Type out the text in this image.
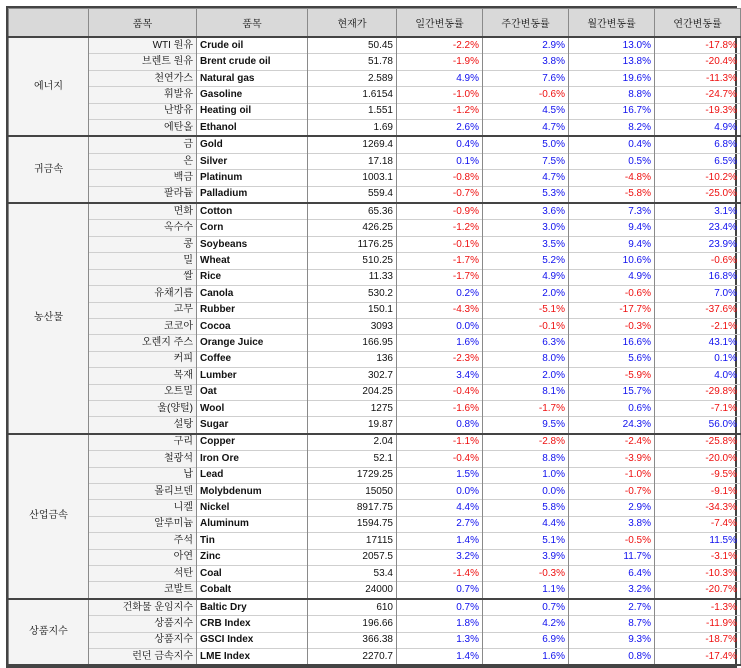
	품목	품목	현재가	일간변동률	주간변동률	월간변동률	연간변동률
에너지	WTI 원유	Crude oil	50.45	-2.2%	2.9%	13.0%	-17.8%
	브렌트 원유	Brent crude oil	51.78	-1.9%	3.8%	13.8%	-20.4%
	천연가스	Natural gas	2.589	4.9%	7.6%	19.6%	-11.3%
	휘발유	Gasoline	1.6154	-1.0%	-0.6%	8.8%	-24.7%
	난방유	Heating oil	1.551	-1.2%	4.5%	16.7%	-19.3%
	에탄올	Ethanol	1.69	2.6%	4.7%	8.2%	4.9%
귀금속	금	Gold	1269.4	0.4%	5.0%	0.4%	6.8%
	은	Silver	17.18	0.1%	7.5%	0.5%	6.5%
	백금	Platinum	1003.1	-0.8%	4.7%	-4.8%	-10.2%
	팔라듐	Palladium	559.4	-0.7%	5.3%	-5.8%	-25.0%
농산물	면화	Cotton	65.36	-0.9%	3.6%	7.3%	3.1%
	옥수수	Corn	426.25	-1.2%	3.0%	9.4%	23.4%
	콩	Soybeans	1176.25	-0.1%	3.5%	9.4%	23.9%
	밀	Wheat	510.25	-1.7%	5.2%	10.6%	-0.6%
	쌀	Rice	11.33	-1.7%	4.9%	4.9%	16.8%
	유채기름	Canola	530.2	0.2%	2.0%	-0.6%	7.0%
	고무	Rubber	150.1	-4.3%	-5.1%	-17.7%	-37.6%
	코코아	Cocoa	3093	0.0%	-0.1%	-0.3%	-2.1%
	오렌지 주스	Orange Juice	166.95	1.6%	6.3%	16.6%	43.1%
	커피	Coffee	136	-2.3%	8.0%	5.6%	0.1%
	목재	Lumber	302.7	3.4%	2.0%	-5.9%	4.0%
	오트밀	Oat	204.25	-0.4%	8.1%	15.7%	-29.8%
	울(양털)	Wool	1275	-1.6%	-1.7%	0.6%	-7.1%
	설탕	Sugar	19.87	0.8%	9.5%	24.3%	56.0%
산업금속	구리	Copper	2.04	-1.1%	-2.8%	-2.4%	-25.8%
	철광석	Iron Ore	52.1	-0.4%	8.8%	-3.9%	-20.0%
	납	Lead	1729.25	1.5%	1.0%	-1.0%	-9.5%
	몰리브덴	Molybdenum	15050	0.0%	0.0%	-0.7%	-9.1%
	니켈	Nickel	8917.75	4.4%	5.8%	2.9%	-34.3%
	알루미늄	Aluminum	1594.75	2.7%	4.4%	3.8%	-7.4%
	주석	Tin	17115	1.4%	5.1%	-0.5%	11.5%
	아연	Zinc	2057.5	3.2%	3.9%	11.7%	-3.1%
	석탄	Coal	53.4	-1.4%	-0.3%	6.4%	-10.3%
	코발트	Cobalt	24000	0.7%	1.1%	3.2%	-20.7%
상품지수	건화물 운임지수	Baltic Dry	610	0.7%	0.7%	2.7%	-1.3%
	상품지수	CRB Index	196.66	1.8%	4.2%	8.7%	-11.9%
	상품지수	GSCI Index	366.38	1.3%	6.9%	9.3%	-18.7%
	런던 금속지수	LME Index	2270.7	1.4%	1.6%	0.8%	-17.4%
